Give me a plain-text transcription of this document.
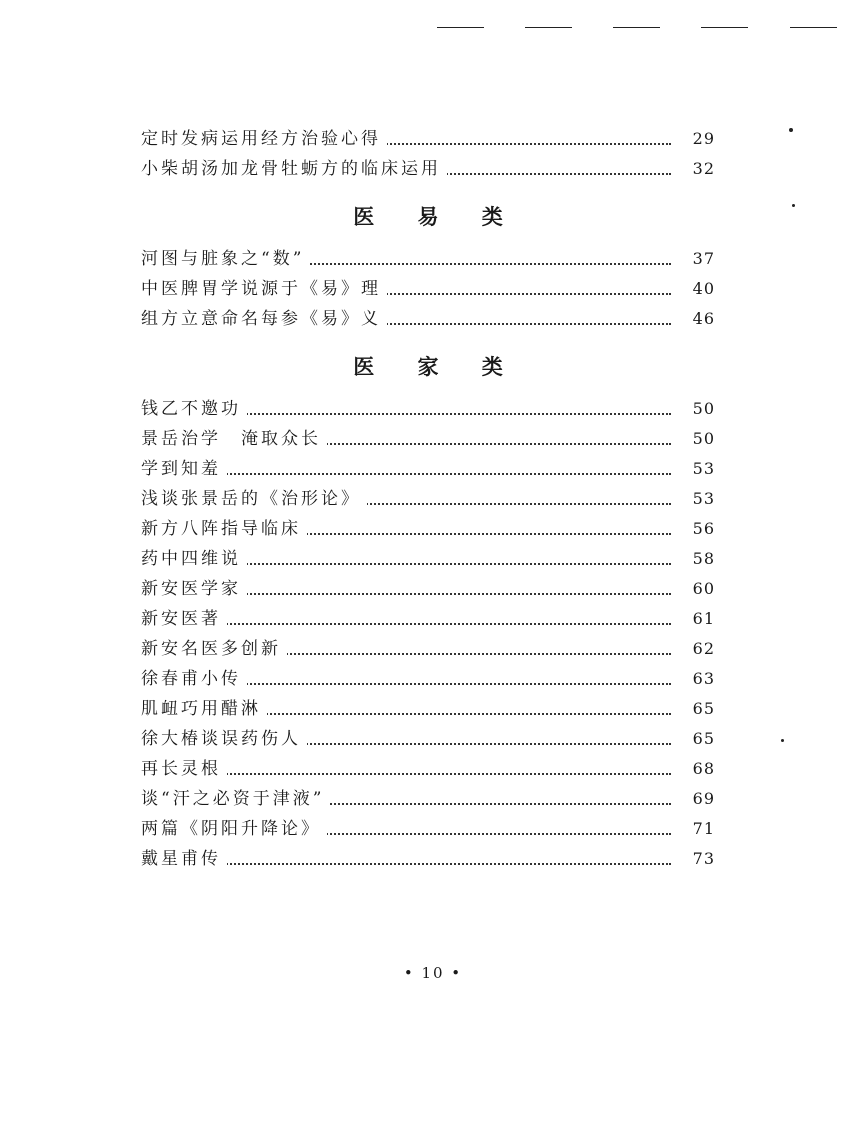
定时发病运用经方治验心得	29
小柴胡汤加龙骨牡蛎方的临床运用	32
医 易 类
河图与脏象之“数”	37
中医脾胃学说源于《易》理	40
组方立意命名每参《易》义	46
医 家 类
钱乙不邀功	50
景岳治学　淹取众长	50
学到知羞	53
浅谈张景岳的《治形论》	53
新方八阵指导临床	56
药中四维说	58
新安医学家	60
新安医著	61
新安名医多创新	62
徐春甫小传	63
肌衄巧用醋淋	65
徐大椿谈误药伤人	65
再长灵根	68
谈“汗之必资于津液”	69
两篇《阴阳升降论》	71
戴星甫传	73
• 10 •
